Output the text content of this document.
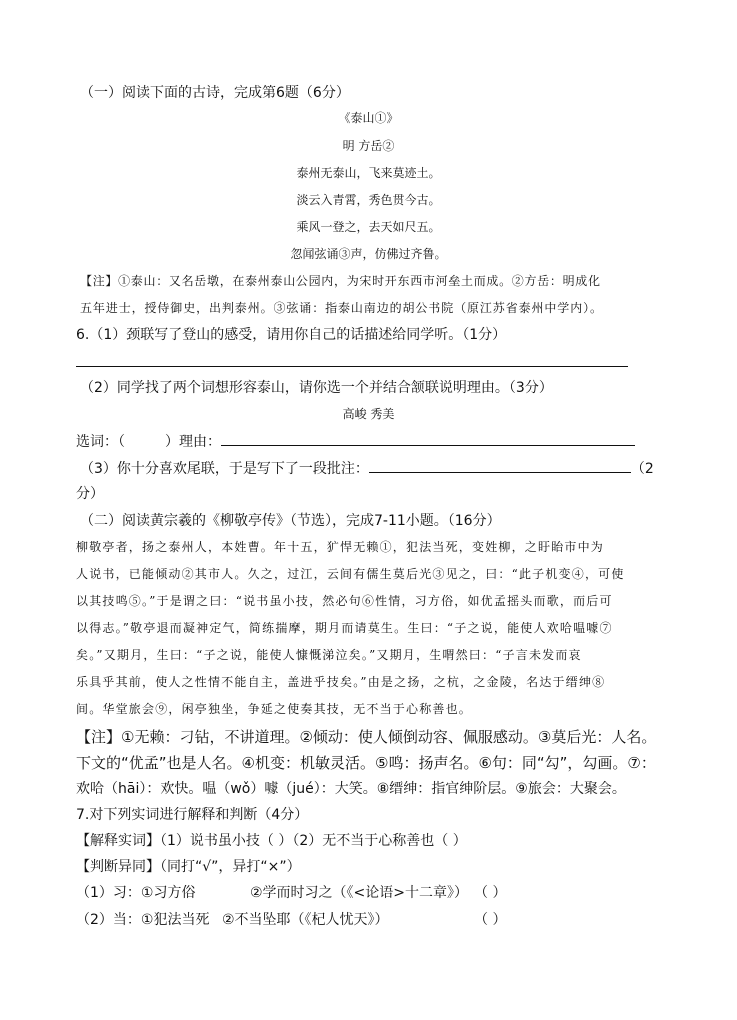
（一）阅读下面的古诗，完成第6题（6分）
《泰山①》
明 方岳②
泰州无泰山，飞来莫迹土。
淡云入青霄，秀色贯今古。
乘风一登之，去天如尺五。
忽闻弦诵③声，仿佛过齐鲁。
【注】①泰山：又名岳墩，在泰州泰山公园内，为宋时开东西市河垒土而成。②方岳：明成化
五年进士，授侍御史，出判泰州。③弦诵：指泰山南边的胡公书院（原江苏省泰州中学内）。
6.（1）颈联写了登山的感受，请用你自己的话描述给同学听。（1分）
（2）同学找了两个词想形容泰山，请你选一个并结合颔联说明理由。（3分）
高峻 秀美
选词：（	）理由：
（3）你十分喜欢尾联，于是写下了一段批注：	（2
分）
（二）阅读黄宗羲的《柳敬亭传》（节选），完成7-11小题。（16分）
柳敬亭者，扬之泰州人，本姓曹。年十五，犷悍无赖①，犯法当死，变姓柳，之盱眙市中为
人说书，已能倾动②其市人。久之，过江，云间有儒生莫后光③见之，曰：“此子机变④，可使
以其技鸣⑤。”于是谓之曰：“说书虽小技，然必句⑥性情，习方俗，如优孟摇头而歌，而后可
以得志。”敬亭退而凝神定气，简练揣摩，期月而请莫生。生曰：“子之说，能使人欢哈嗢噱⑦
矣。”又期月，生曰：“子之说，能使人慷慨涕泣矣。”又期月，生喟然曰：“子言未发而哀
乐具乎其前，使人之性情不能自主，盖进乎技矣。”由是之扬，之杭，之金陵，名达于缙绅⑧
间。华堂旅会⑨，闲亭独坐，争延之使奏其技，无不当于心称善也。
【注】①无赖：刁钻，不讲道理。②倾动：使人倾倒动容、佩服感动。③莫后光：人名。
下文的“优孟”也是人名。④机变：机敏灵活。⑤鸣：扬声名。⑥句：同“勾”，勾画。⑦：
欢哈（hāi）：欢快。嗢（wǒ）噱（jué）：大笑。⑧缙绅：指官绅阶层。⑨旅会：大聚会。
7.对下列实词进行解释和判断（4分）
【解释实词】（1）说书虽小技（ ）（2）无不当于心称善也（ ）
【判断异同】（同打“√”，异打“×”）
（1）习：①习方俗	②学而时习之（《<论语>十二章》） （ ）
（2）当：①犯法当死 ②不当坠耶（《杞人忧天》）	（ ）
